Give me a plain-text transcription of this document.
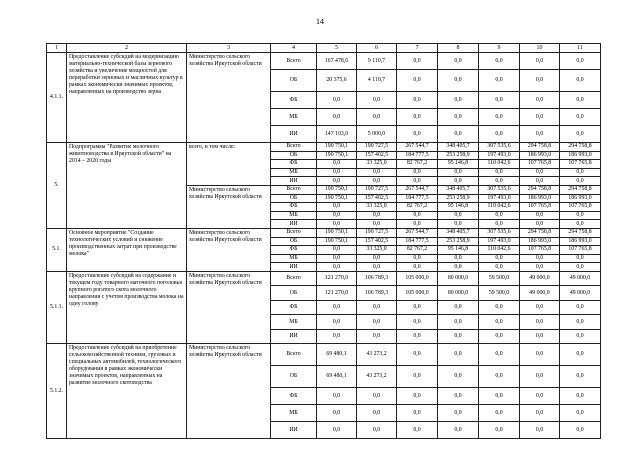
14
1	2	3	4	5	6	7	8	9	10	11
4.1.1.	Предоставление субсидий на модернизацию материально-технической базы зернового хозяйства и увеличение мощностей для переработки зерновых и масличных культур в рамках экономически значимых проектов, направленных на производство зерна	Министерство сельского хозяйства Иркутской области	Всего	167 478,6	9 110,7	0,0	0,0	0,0	0,0	0,0
			ОБ	20 375,6	4 110,7	0,0	0,0	0,0	0,0	0,0
			ФБ	0,0	0,0	0,0	0,0	0,0	0,0	0,0
			МБ	0,0	0,0	0,0	0,0	0,0	0,0	0,0
			ИИ	147 103,0	5 000,0	0,0	0,0	0,0	0,0	0,0
5.	Подпрограмма "Развитие молочного животноводства в Иркутской области" на 2014 – 2020 годы	всего, в том числе:	Всего	190 750,1	190 727,5	267 544,7	348 405,7	307 535,6	294 758,8	294 758,8
			ОБ	190 750,1	157 402,5	184 777,5	253 258,9	197 493,0	186 993,0	186 993,0
			ФБ	0,0	33 325,0	82 767,2	95 146,8	110 042,6	107 765,8	107 765,8
			МБ	0,0	0,0	0,0	0,0	0,0	0,0	0,0
			ИИ	0,0	0,0	0,0	0,0	0,0	0,0	0,0
		Министерство сельского хозяйства Иркутской области	Всего	190 750,1	190 727,5	267 544,7	348 405,7	307 535,6	294 758,8	294 758,8
			ОБ	190 750,1	157 402,5	184 777,5	253 258,9	197 493,0	186 993,0	186 993,0
			ФБ	0,0	33 325,0	82 767,2	95 146,8	110 042,6	107 765,8	107 765,8
			МБ	0,0	0,0	0,0	0,0	0,0	0,0	0,0
			ИИ	0,0	0,0	0,0	0,0	0,0	0,0	0,0
5.1.	Основное мероприятие "Создание технологических условий и снижение производственных затрат при производстве молока"	Министерство сельского хозяйства Иркутской области	Всего	190 750,1	190 727,5	267 544,7	348 405,7	307 535,6	294 758,8	294 758,8
			ОБ	190 750,1	157 402,5	184 777,5	253 258,9	197 493,0	186 993,0	186 993,0
			ФБ	0,0	33 325,0	82 767,2	95 146,8	110 042,6	107 765,8	107 765,8
			МБ	0,0	0,0	0,0	0,0	0,0	0,0	0,0
			ИИ	0,0	0,0	0,0	0,0	0,0	0,0	0,0
5.1.1.	Предоставление субсидий на содержание и текущем году товарного маточного поголовья крупного рогатого скота молочного направления с учетом производства молока на одну голову	Министерство сельского хозяйства Иркутской области	Всего	121 270,0	106 789,3	105 000,0	80 000,0	59 500,0	49 000,0	49 000,0
			ОБ	121 270,0	106 789,3	105 000,0	80 000,0	59 500,0	49 000,0	49 000,0
			ФБ	0,0	0,0	0,0	0,0	0,0	0,0	0,0
			МБ	0,0	0,0	0,0	0,0	0,0	0,0	0,0
			ИИ	0,0	0,0	0,0	0,0	0,0	0,0	0,0
5.1.2.	Предоставление субсидий на приобретение сельскохозяйственной техники, грузовых и специальных автомобилей, технологического оборудования в рамках экономически значимых проектов, направленных на развитие молочного скотоводства	Министерство сельского хозяйства Иркутской области	Всего	69 480,1	43 273,2	0,0	0,0	0,0	0,0	0,0
			ОБ	69 480,1	43 273,2	0,0	0,0	0,0	0,0	0,0
			ФБ	0,0	0,0	0,0	0,0	0,0	0,0	0,0
			МБ	0,0	0,0	0,0	0,0	0,0	0,0	0,0
			ИИ	0,0	0,0	0,0	0,0	0,0	0,0	0,0
